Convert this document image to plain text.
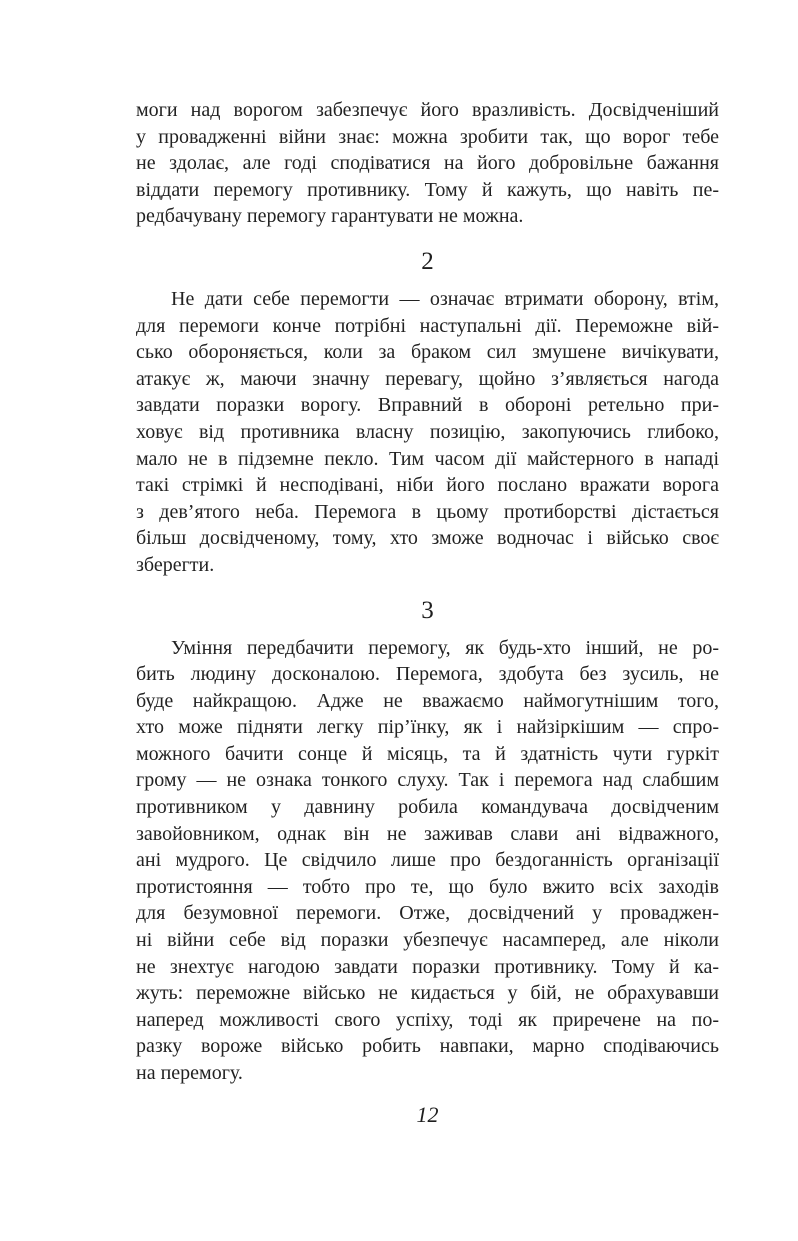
моги над ворогом забезпечує його вразливість. Досвідченіший
у провадженні війни знає: можна зробити так, що ворог тебе
не здолає, але годі сподіватися на його добровільне бажання
віддати перемогу противнику. Тому й кажуть, що навіть пе-
редбачувану перемогу гарантувати не можна.
2
Не дати себе перемогти — означає втримати оборону, втім,
для перемоги конче потрібні наступальні дії. Переможне вій-
сько обороняється, коли за браком сил змушене вичікувати,
атакує ж, маючи значну перевагу, щойно з’являється нагода
завдати поразки ворогу. Вправний в обороні ретельно при-
ховує від противника власну позицію, закопуючись глибоко,
мало не в підземне пекло. Тим часом дії майстерного в нападі
такі стрімкі й несподівані, ніби його послано вражати ворога
з дев’ятого неба. Перемога в цьому протиборстві дістається
більш досвідченому, тому, хто зможе водночас і військо своє
зберегти.
3
Уміння передбачити перемогу, як будь-хто інший, не ро-
бить людину досконалою. Перемога, здобута без зусиль, не
буде найкращою. Адже не вважаємо наймогутнішим того,
хто може підняти легку пір’їнку, як і найзіркішим — спро-
можного бачити сонце й місяць, та й здатність чути гуркіт
грому — не ознака тонкого слуху. Так і перемога над слабшим
противником у давнину робила командувача досвідченим
завойовником, однак він не заживав слави ані відважного,
ані мудрого. Це свідчило лише про бездоганність організації
протистояння — тобто про те, що було вжито всіх заходів
для безумовної перемоги. Отже, досвідчений у проваджен-
ні війни себе від поразки убезпечує насамперед, але ніколи
не знехтує нагодою завдати поразки противнику. Тому й ка-
жуть: переможне військо не кидається у бій, не обрахувавши
наперед можливості свого успіху, тоді як приречене на по-
разку вороже військо робить навпаки, марно сподіваючись
на перемогу.
12
